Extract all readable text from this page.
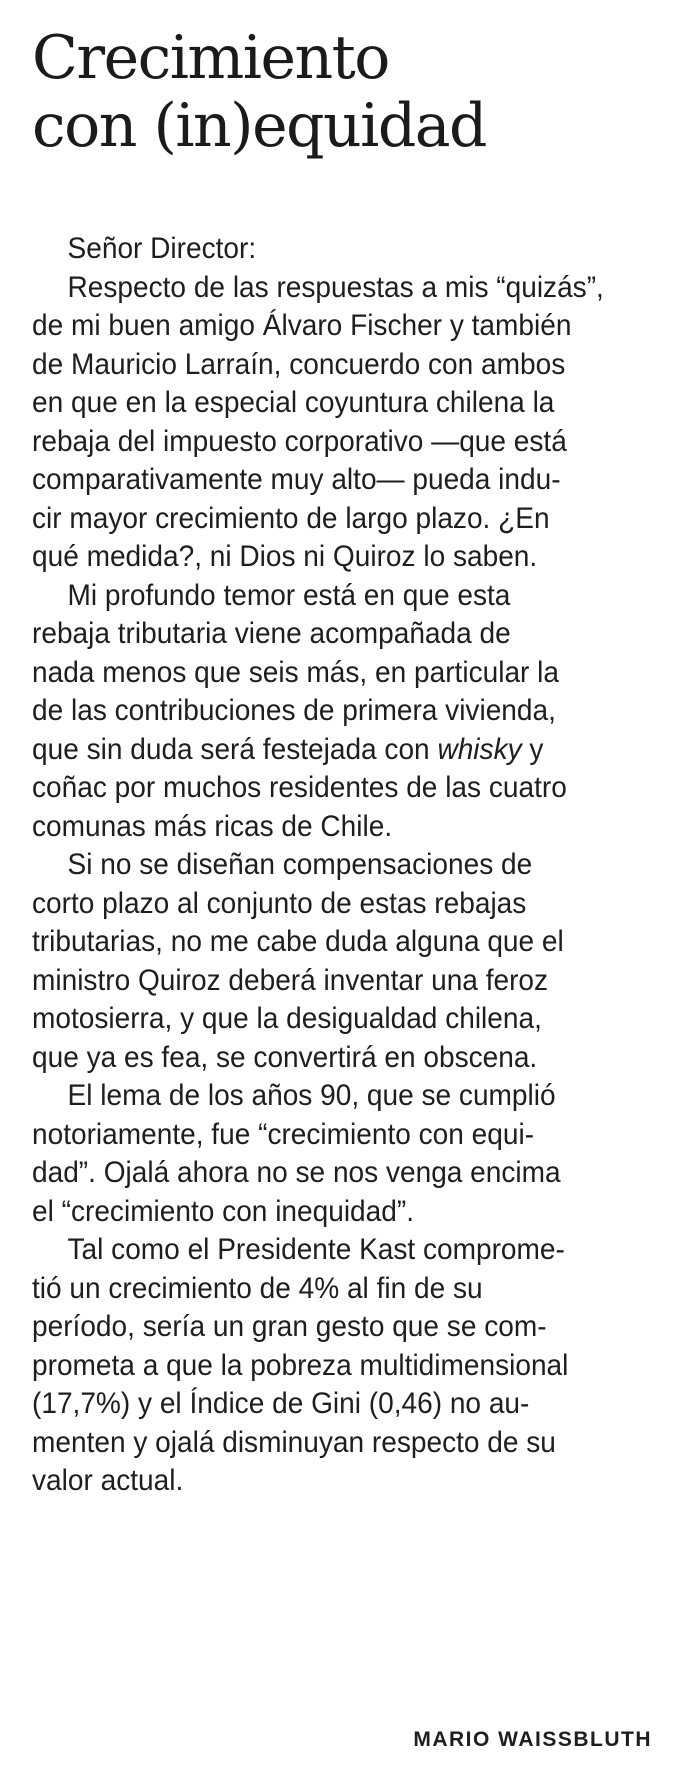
Crecimiento
con (in)equidad
Señor Director:
Respecto de las respuestas a mis “quizás”,
de mi buen amigo Álvaro Fischer y también
de Mauricio Larraín, concuerdo con ambos
en que en la especial coyuntura chilena la
rebaja del impuesto corporativo —que está
comparativamente muy alto— pueda indu-
cir mayor crecimiento de largo plazo. ¿En
qué medida?, ni Dios ni Quiroz lo saben.
Mi profundo temor está en que esta
rebaja tributaria viene acompañada de
nada menos que seis más, en particular la
de las contribuciones de primera vivienda,
que sin duda será festejada con whisky y
coñac por muchos residentes de las cuatro
comunas más ricas de Chile.
Si no se diseñan compensaciones de
corto plazo al conjunto de estas rebajas
tributarias, no me cabe duda alguna que el
ministro Quiroz deberá inventar una feroz
motosierra, y que la desigualdad chilena,
que ya es fea, se convertirá en obscena.
El lema de los años 90, que se cumplió
notoriamente, fue “crecimiento con equi-
dad”. Ojalá ahora no se nos venga encima
el “crecimiento con inequidad”.
Tal como el Presidente Kast comprome-
tió un crecimiento de 4% al fin de su
período, sería un gran gesto que se com-
prometa a que la pobreza multidimensional
(17,7%) y el Índice de Gini (0,46) no au-
menten y ojalá disminuyan respecto de su
valor actual.
MARIO WAISSBLUTH
